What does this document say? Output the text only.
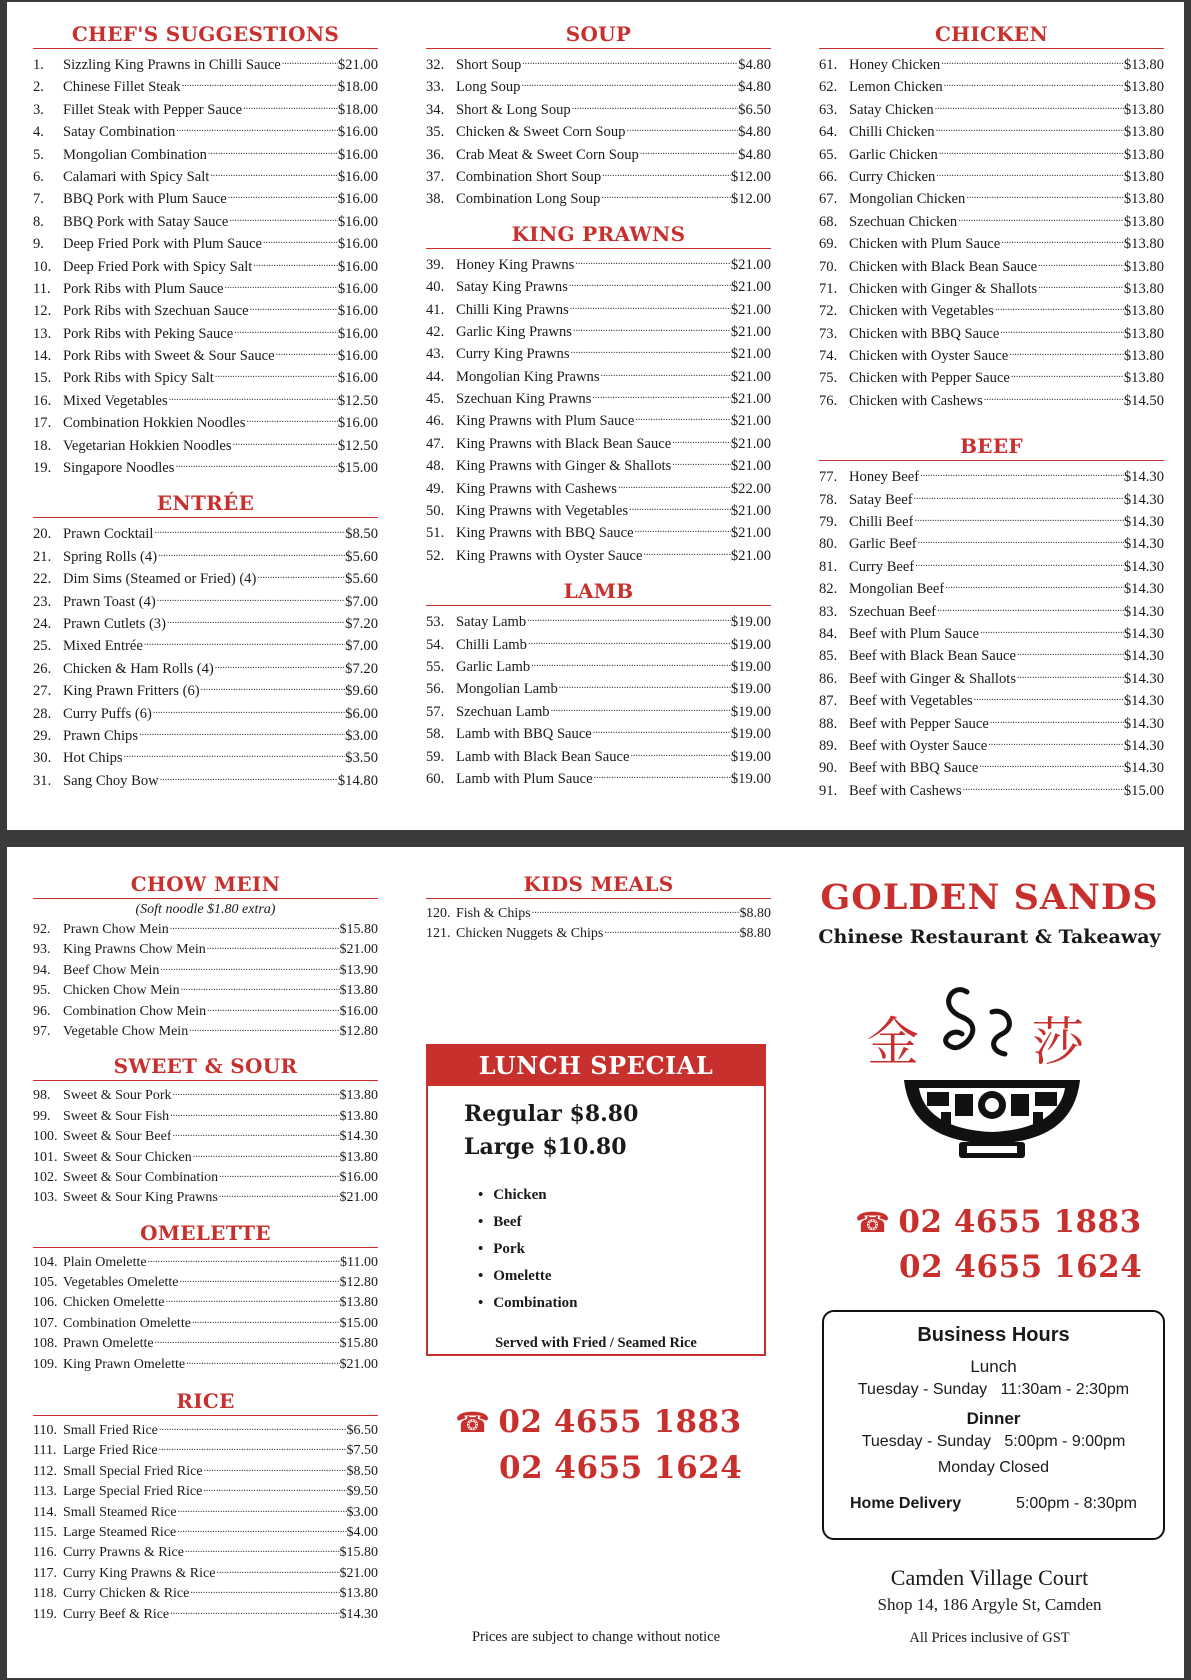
CHEF'S SUGGESTIONS
1.	Sizzling King Prawns in Chilli Sauce .....	$21.00
2.	Chinese Fillet Steak .....	$18.00
3.	Fillet Steak with Pepper Sauce .....	$18.00
4.	Satay Combination .....	$16.00
5.	Mongolian Combination .....	$16.00
6.	Calamari with Spicy Salt .....	$16.00
7.	BBQ Pork with Plum Sauce .....	$16.00
8.	BBQ Pork with Satay Sauce .....	$16.00
9.	Deep Fried Pork with Plum Sauce .....	$16.00
10. Deep Fried Pork with Spicy Salt .....	$16.00
11. Pork Ribs with Plum Sauce .....	$16.00
12. Pork Ribs with Szechuan Sauce .....	$16.00
13. Pork Ribs with Peking Sauce .....	$16.00
14. Pork Ribs with Sweet & Sour Sauce .....	$16.00
15. Pork Ribs with Spicy Salt .....	$16.00
16. Mixed Vegetables .....	$12.50
17. Combination Hokkien Noodles .....	$16.00
18. Vegetarian Hokkien Noodles .....	$12.50
19. Singapore Noodles .....	$15.00
ENTRÉE
20. Prawn Cocktail .....	$8.50
21. Spring Rolls (4) .....	$5.60
22. Dim Sims (Steamed or Fried) (4) .....	$5.60
23. Prawn Toast (4) .....	$7.00
24. Prawn Cutlets (3) .....	$7.20
25. Mixed Entrée .....	$7.00
26. Chicken & Ham Rolls (4) .....	$7.20
27. King Prawn Fritters (6) .....	$9.60
28. Curry Puffs (6) .....	$6.00
29. Prawn Chips .....	$3.00
30. Hot Chips .....	$3.50
31. Sang Choy Bow .....	$14.80
SOUP
32. Short Soup .....	$4.80
33. Long Soup .....	$4.80
34. Short & Long Soup .....	$6.50
35. Chicken & Sweet Corn Soup .....	$4.80
36. Crab Meat & Sweet Corn Soup .....	$4.80
37. Combination Short Soup .....	$12.00
38. Combination Long Soup .....	$12.00
KING PRAWNS
39. Honey King Prawns .....	$21.00
40. Satay King Prawns .....	$21.00
41. Chilli King Prawns .....	$21.00
42. Garlic King Prawns .....	$21.00
43. Curry King Prawns .....	$21.00
44. Mongolian King Prawns .....	$21.00
45. Szechuan King Prawns .....	$21.00
46. King Prawns with Plum Sauce .....	$21.00
47. King Prawns with Black Bean Sauce .....	$21.00
48. King Prawns with Ginger & Shallots .....	$21.00
49. King Prawns with Cashews .....	$22.00
50. King Prawns with Vegetables .....	$21.00
51. King Prawns with BBQ Sauce .....	$21.00
52. King Prawns with Oyster Sauce .....	$21.00
LAMB
53. Satay Lamb .....	$19.00
54. Chilli Lamb .....	$19.00
55. Garlic Lamb .....	$19.00
56. Mongolian Lamb .....	$19.00
57. Szechuan Lamb .....	$19.00
58. Lamb with BBQ Sauce .....	$19.00
59. Lamb with Black Bean Sauce .....	$19.00
60. Lamb with Plum Sauce .....	$19.00
CHICKEN
61. Honey Chicken .....	$13.80
62. Lemon Chicken .....	$13.80
63. Satay Chicken .....	$13.80
64. Chilli Chicken .....	$13.80
65. Garlic Chicken .....	$13.80
66. Curry Chicken .....	$13.80
67. Mongolian Chicken .....	$13.80
68. Szechuan Chicken .....	$13.80
69. Chicken with Plum Sauce .....	$13.80
70. Chicken with Black Bean Sauce .....	$13.80
71. Chicken with Ginger & Shallots .....	$13.80
72. Chicken with Vegetables .....	$13.80
73. Chicken with BBQ Sauce .....	$13.80
74. Chicken with Oyster Sauce .....	$13.80
75. Chicken with Pepper Sauce .....	$13.80
76. Chicken with Cashews .....	$14.50
BEEF
77. Honey Beef .....	$14.30
78. Satay Beef .....	$14.30
79. Chilli Beef .....	$14.30
80. Garlic Beef .....	$14.30
81. Curry Beef .....	$14.30
82. Mongolian Beef .....	$14.30
83. Szechuan Beef .....	$14.30
84. Beef with Plum Sauce .....	$14.30
85. Beef with Black Bean Sauce .....	$14.30
86. Beef with Ginger & Shallots .....	$14.30
87. Beef with Vegetables .....	$14.30
88. Beef with Pepper Sauce .....	$14.30
89. Beef with Oyster Sauce .....	$14.30
90. Beef with BBQ Sauce .....	$14.30
91. Beef with Cashews .....	$15.00
CHOW MEIN
(Soft noodle $1.80 extra)
92. Prawn Chow Mein .....	$15.80
93. King Prawns Chow Mein .....	$21.00
94. Beef Chow Mein .....	$13.90
95. Chicken Chow Mein .....	$13.80
96. Combination Chow Mein .....	$16.00
97. Vegetable Chow Mein .....	$12.80
SWEET & SOUR
98. Sweet & Sour Pork .....	$13.80
99. Sweet & Sour Fish .....	$13.80
100. Sweet & Sour Beef .....	$14.30
101. Sweet & Sour Chicken .....	$13.80
102. Sweet & Sour Combination .....	$16.00
103. Sweet & Sour King Prawns .....	$21.00
OMELETTE
104. Plain Omelette .....	$11.00
105. Vegetables Omelette .....	$12.80
106. Chicken Omelette .....	$13.80
107. Combination Omelette .....	$15.00
108. Prawn Omelette .....	$15.80
109. King Prawn Omelette .....	$21.00
RICE
110. Small Fried Rice .....	$6.50
111. Large Fried Rice .....	$7.50
112. Small Special Fried Rice .....	$8.50
113. Large Special Fried Rice .....	$9.50
114. Small Steamed Rice .....	$3.00
115. Large Steamed Rice .....	$4.00
116. Curry Prawns & Rice .....	$15.80
117. Curry King Prawns & Rice .....	$21.00
118. Curry Chicken & Rice .....	$13.80
119. Curry Beef & Rice .....	$14.30
KIDS MEALS
120. Fish & Chips .....	$8.80
121. Chicken Nuggets & Chips .....	$8.80
LUNCH SPECIAL
Regular $8.80
Large $10.80
• Chicken
• Beef
• Pork
• Omelette
• Combination
Served with Fried / Seamed Rice
☎ 02 4655 1883
02 4655 1624
Prices are subject to change without notice
GOLDEN SANDS
Chinese Restaurant & Takeaway
金 莎
☎ 02 4655 1883
02 4655 1624
Business Hours
Lunch
Tuesday - Sunday 11:30am - 2:30pm
Dinner
Tuesday - Sunday 5:00pm - 9:00pm
Monday Closed
Home Delivery	5:00pm - 8:30pm
Camden Village Court
Shop 14, 186 Argyle St, Camden
All Prices inclusive of GST
